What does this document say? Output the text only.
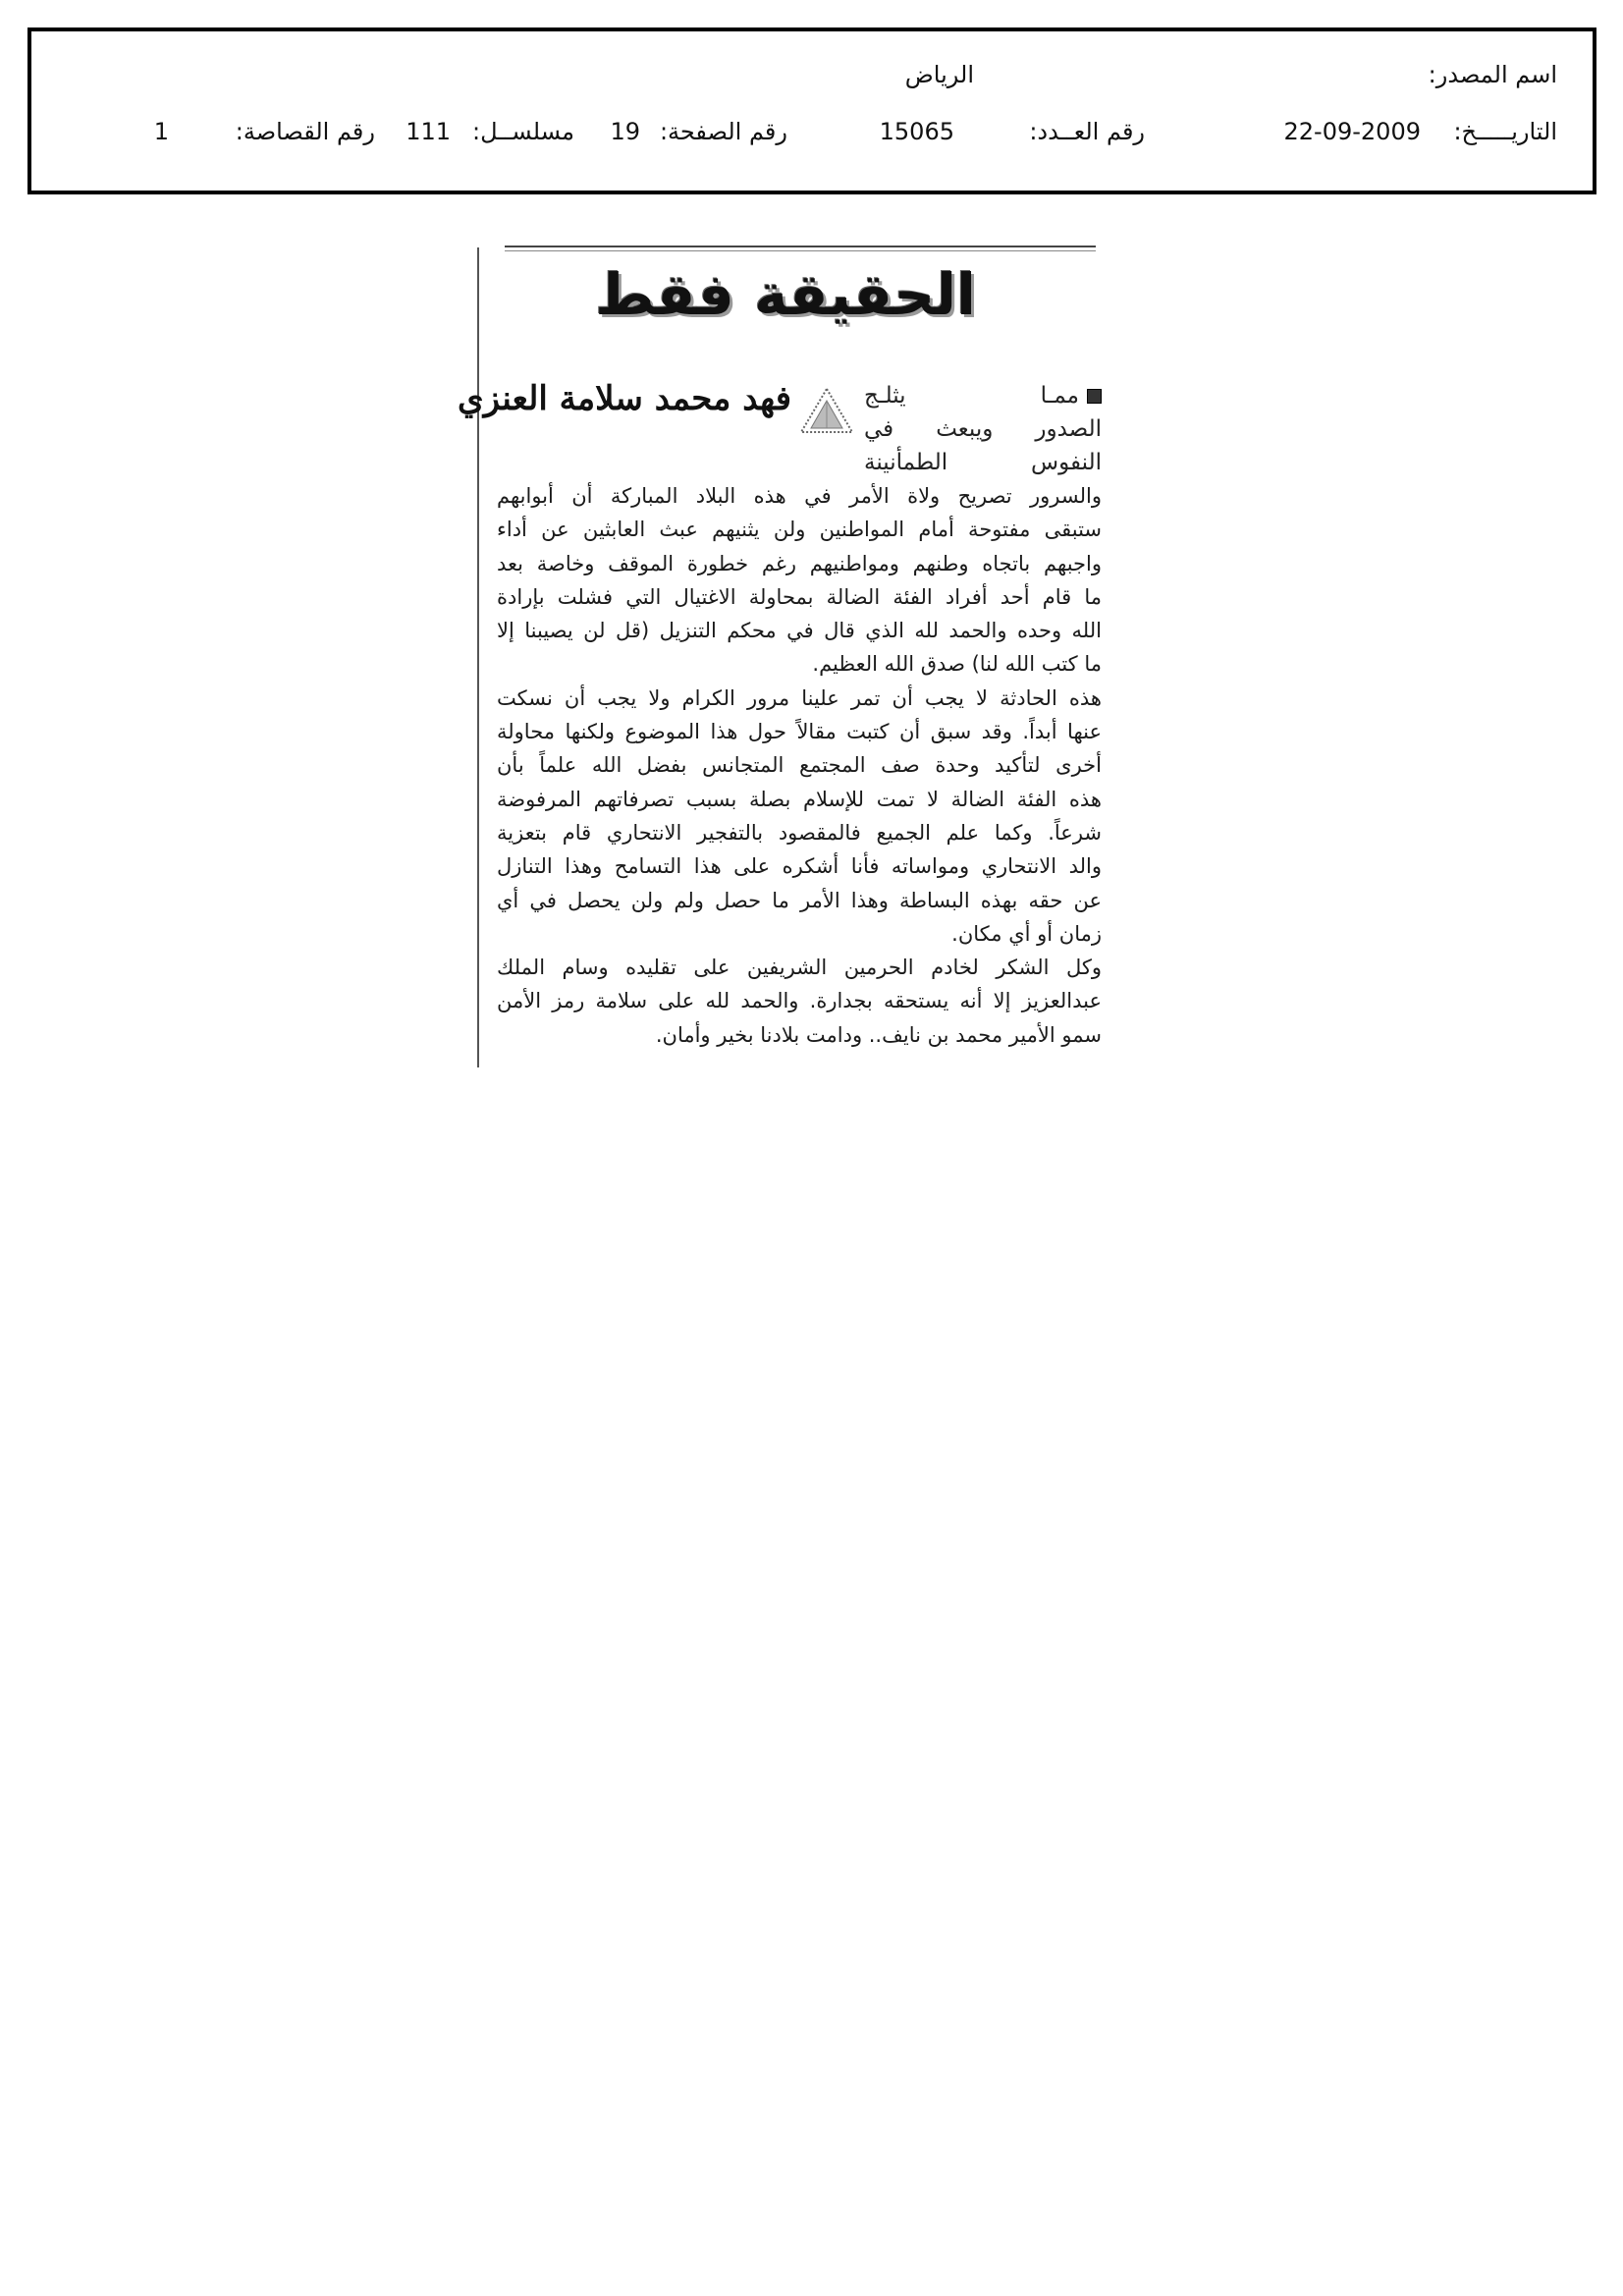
اسم المصدر:
الرياض
التاريـــــخ:
22-09-2009
رقم العــدد:
15065
رقم الصفحة:
19
مسلســل:
111
رقم القصاصة:
1
الحقيقة فقط
فهد محمد سلامة العنزي	ممـا يثلـج
الصدور ويبعث في
النفوس الطمأنينة
والسرور تصريح ولاة الأمر في هذه البلاد المباركة أن أبوابهم
ستبقى مفتوحة أمام المواطنين ولن يثنيهم عبث العابثين عن أداء
واجبهم باتجاه وطنهم ومواطنيهم رغم خطورة الموقف وخاصة بعد
ما قام أحد أفراد الفئة الضالة بمحاولة الاغتيال التي فشلت بإرادة
الله وحده والحمد لله الذي قال في محكم التنزيل (قل لن يصيبنا إلا
ما كتب الله لنا) صدق الله العظيم.
هذه الحادثة لا يجب أن تمر علينا مرور الكرام ولا يجب أن نسكت
عنها أبداً. وقد سبق أن كتبت مقالاً حول هذا الموضوع ولكنها محاولة
أخرى لتأكيد وحدة صف المجتمع المتجانس بفضل الله علماً بأن
هذه الفئة الضالة لا تمت للإسلام بصلة بسبب تصرفاتهم المرفوضة
شرعاً. وكما علم الجميع فالمقصود بالتفجير الانتحاري قام بتعزية
والد الانتحاري ومواساته فأنا أشكره على هذا التسامح وهذا التنازل
عن حقه بهذه البساطة وهذا الأمر ما حصل ولم ولن يحصل في أي
زمان أو أي مكان.
وكل الشكر لخادم الحرمين الشريفين على تقليده وسام الملك
عبدالعزيز إلا أنه يستحقه بجدارة. والحمد لله على سلامة رمز الأمن
سمو الأمير محمد بن نايف.. ودامت بلادنا بخير وأمان.
